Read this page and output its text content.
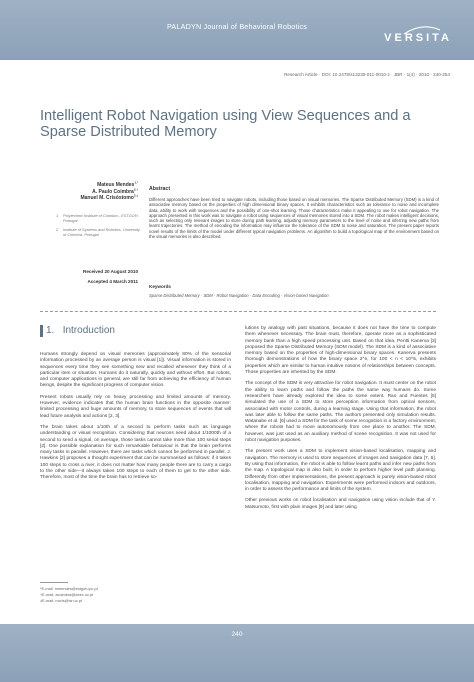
PALADYN Journal of Behavioral Robotics
VERSITA
Research Article · DOI: 10.2478/s13230-011-0010-z · JBR · 1(4) · 2010 · 240-254
Intelligent Robot Navigation using View Sequences and a Sparse Distributed Memory
Mateus Mendes$^{1,*}$
A. Paulo Coimbra$^{2,\dagger}$
Manuel M. Crisóstomo$^{2,\ddagger}$
1	Polytechnic Institute of Coimbra - ESTGOH, Portugal
2	Institute of Systems and Robotics, University of Coimbra, Portugal
Received 20 August 2010
Accepted 4 March 2011
Abstract
Different approaches have been tried to navigate robots, including those based on visual memories. The Sparse Distributed Memory (SDM) is a kind of associative memory based on the properties of high dimensional binary spaces. It exhibits characteristics such as tolerance to noise and incomplete data, ability to work with sequences and the possibility of one-shot learning. Those characteristics make it appealing to use for robot navigation. The approach presented in this work was to navigate a robot using sequences of visual memories stored into a SDM. The robot makes intelligent decisions, such as selecting only relevant images to store during path learning, adjusting memory parameters to the level of noise and inferring new paths from learnt trajectories. The method of encoding the information may influence the tolerance of the SDM to noise and saturation. The present paper reports novel results of the limits of the model under different typical navigation problems. An algorithm to build a topological map of the environment based on the visual memories is also described.
Keywords
Sparse Distributed Memory · SDM · Robot Navigation · Data Encoding · Vision-based Navigation
1. Introduction

Humans strongly depend on visual memories (approximately 80% of the sensorial information processed by an average person is visual [1]). Visual information is stored in sequences every time they see something new and recalled whenever they think of a particular item or situation. Humans do it naturally, quickly and without effort. But robots, and computer applications in general, are still far from achieving the efficiency of human beings, despite the significant progress of computer vision.

Present robots usually rely on heavy processing and limited amounts of memory. However, evidence indicates that the human brain functions in the opposite manner: limited processing and huge amounts of memory, to store sequences of events that will lead future analysis and actions [2, 3].

The brain takes about 1/10th of a second to perform tasks such as language understanding or visual recognition. Considering that neurons need about 1/1000th of a second to send a signal, on average, those tasks cannot take more than 100 serial steps [2]. One possible explanation for such remarkable behaviour is that the brain performs many tasks in parallel. However, there are tasks which cannot be performed in parallel. J. Hawkins [2] proposes a thought experiment that can be summarised as follows: if it takes 100 steps to cross a river, it does not matter how many people there are to carry a cargo to the other side—it always takes 100 steps to each of them to get to the other side. Therefore, most of the time the brain has to retrieve so-

*E-mail: mmendes@estgoh.ipc.pt
†E-mail: acoimbra@deec.uc.pt
‡E-mail: mcris@isr.uc.pt

lutions by analogy with past situations, because it does not have the time to compute them whenever necessary. The brain must, therefore, operate more as a sophisticated memory bank than a high speed processing unit. Based on that idea, Pentti Kanerva [3] proposed the Sparse Distributed Memory (SDM model). The SDM is a kind of associative memory based on the properties of high-dimensional binary spaces. Kanerva presents thorough demonstrations of how the binary space 2^n, for 100 < n < 10^5, exhibits properties which are similar to human intuitive notions of relationships between concepts. Those properties are inherited by the SDM.

The concept of the SDM is very attractive for robot navigation. It must center on the robot the ability to learn paths and follow the paths the same way humans do. Some researchers have already explored the idea to some extent. Rao and Fuentes [5] simulated the use of a SDM to store perception information from optical sensors, associated with motor controls, during a learning stage. Using that information, the robot was later able to follow the same paths. The authors presented only simulation results. Watanabe et al. [6] used a SDM for the task of scene recognition in a factory environment, where the robots had to move autonomously from one place to another. The SDM, however, was just used as an auxiliary method of scene recognition. It was not used for robot navigation purposes.

The present work uses a SDM to implement vision-based localisation, mapping and navigation. The memory is used to store sequences of images and navigation data [7, 6]. By using that information, the robot is able to follow learnt paths and infer new paths from the map. A topological map is also built, in order to perform higher level path planning. Differently from other implementations, the present approach is purely vision-based robot localisation, mapping and navigation. Experiments were performed indoors and outdoors, in order to assess the performance and limits of the system.

Other previous works on robot localisation and navigation using vision include that of Y. Matsumoto, first with plain images [9] and later using

240
